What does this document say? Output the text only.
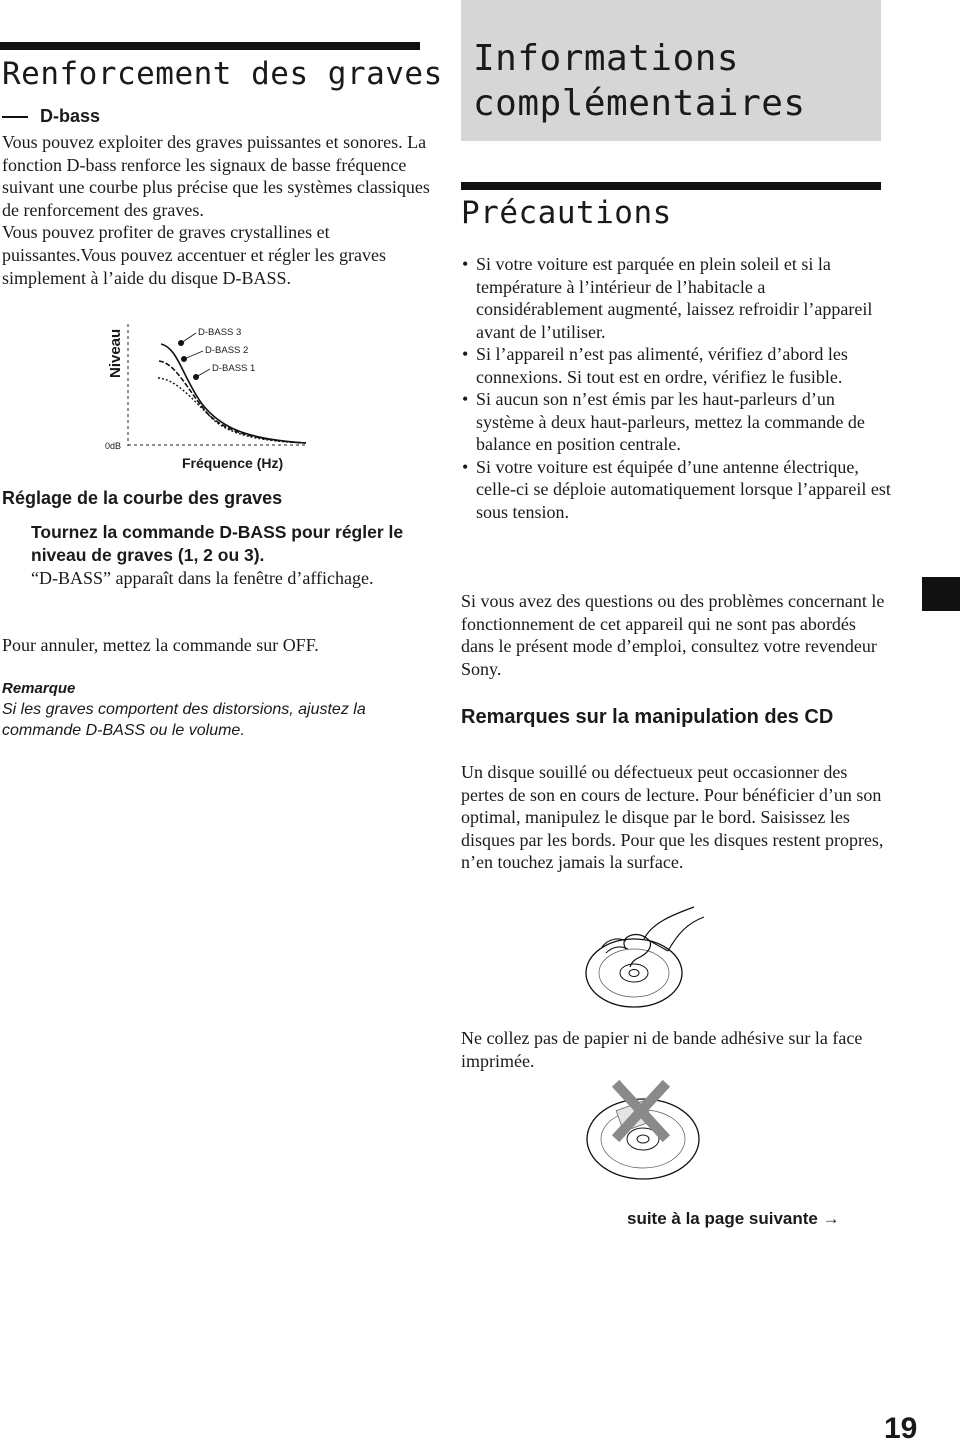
Renforcement des graves
D-bass

Vous pouvez exploiter des graves puissantes et sonores. La fonction D-bass renforce les signaux de basse fréquence suivant une courbe plus précise que les systèmes classiques de renforcement des graves.

Vous pouvez profiter de graves crystallines et puissantes.Vous pouvez accentuer et régler les graves simplement à l’aide du disque D-BASS.

Niveau
0dB
D-BASS 3
D-BASS 2
D-BASS 1
Fréquence (Hz)
Réglage de la courbe des graves
Tournez la commande D-BASS pour régler le niveau de graves (1, 2 ou 3).
“D-BASS” apparaît dans la fenêtre d’affichage.
Pour annuler, mettez la commande sur OFF.
Remarque
Si les graves comportent des distorsions, ajustez la commande D-BASS ou le volume.
Informations complémentaires
Précautions
• Si votre voiture est parquée en plein soleil et si la température à l’intérieur de l’habitacle a considérablement augmenté, laissez refroidir l’appareil avant de l’utiliser.
• Si l’appareil n’est pas alimenté, vérifiez d’abord les connexions. Si tout est en ordre, vérifiez le fusible.
• Si aucun son n’est émis par les haut-parleurs d’un système à deux haut-parleurs, mettez la commande de balance en position centrale.
• Si votre voiture est équipée d’une antenne électrique, celle-ci se déploie automatiquement lorsque l’appareil est sous tension.
Si vous avez des questions ou des problèmes concernant le fonctionnement de cet appareil qui ne sont pas abordés dans le présent mode d’emploi, consultez votre revendeur Sony.
Remarques sur la manipulation des CD
Un disque souillé ou défectueux peut occasionner des pertes de son en cours de lecture. Pour bénéficier d’un son optimal, manipulez le disque par le bord. Saisissez les disques par les bords. Pour que les disques restent propres, n’en touchez jamais la surface.
Ne collez pas de papier ni de bande adhésive sur la face imprimée.
suite à la page suivante →
19
